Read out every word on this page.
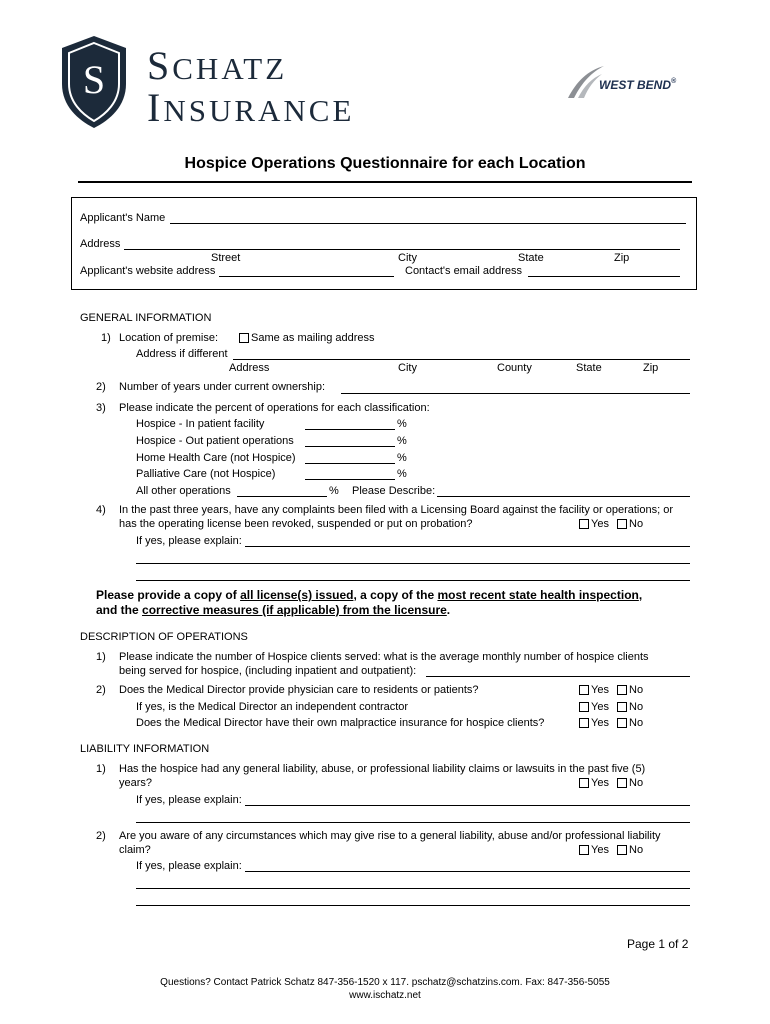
S	SCHATZ
INSURANCE
WEST BEND®
Hospice Operations Questionnaire for each Location
Applicant's Name
Address
Street	City	State	Zip
Applicant's website address	Contact's email address
GENERAL INFORMATION
1) Location of premise:	Same as mailing address
Address if different
Address	City	County	State	Zip
2) Number of years under current ownership:
3) Please indicate the percent of operations for each classification:
Hospice - In patient facility	%
Hospice - Out patient operations	%
Home Health Care (not Hospice)	%
Palliative Care (not Hospice)	%
All other operations	% Please Describe:
4) In the past three years, have any complaints been filed with a Licensing Board against the facility or operations; or
has the operating license been revoked, suspended or put on probation?	Yes No
If yes, please explain:
Please provide a copy of all license(s) issued, a copy of the most recent state health inspection,
and the corrective measures (if applicable) from the licensure.
DESCRIPTION OF OPERATIONS
1) Please indicate the number of Hospice clients served: what is the average monthly number of hospice clients
being served for hospice, (including inpatient and outpatient):
2) Does the Medical Director provide physician care to residents or patients?	Yes No
If yes, is the Medical Director an independent contractor	Yes No
Does the Medical Director have their own malpractice insurance for hospice clients?	Yes No
LIABILITY INFORMATION
1) Has the hospice had any general liability, abuse, or professional liability claims or lawsuits in the past five (5)
years?	Yes No
If yes, please explain:
2) Are you aware of any circumstances which may give rise to a general liability, abuse and/or professional liability
claim?	Yes No
If yes, please explain:
Page 1 of 2
Questions? Contact Patrick Schatz 847-356-1520 x 117. pschatz@schatzins.com. Fax: 847-356-5055
www.ischatz.net
